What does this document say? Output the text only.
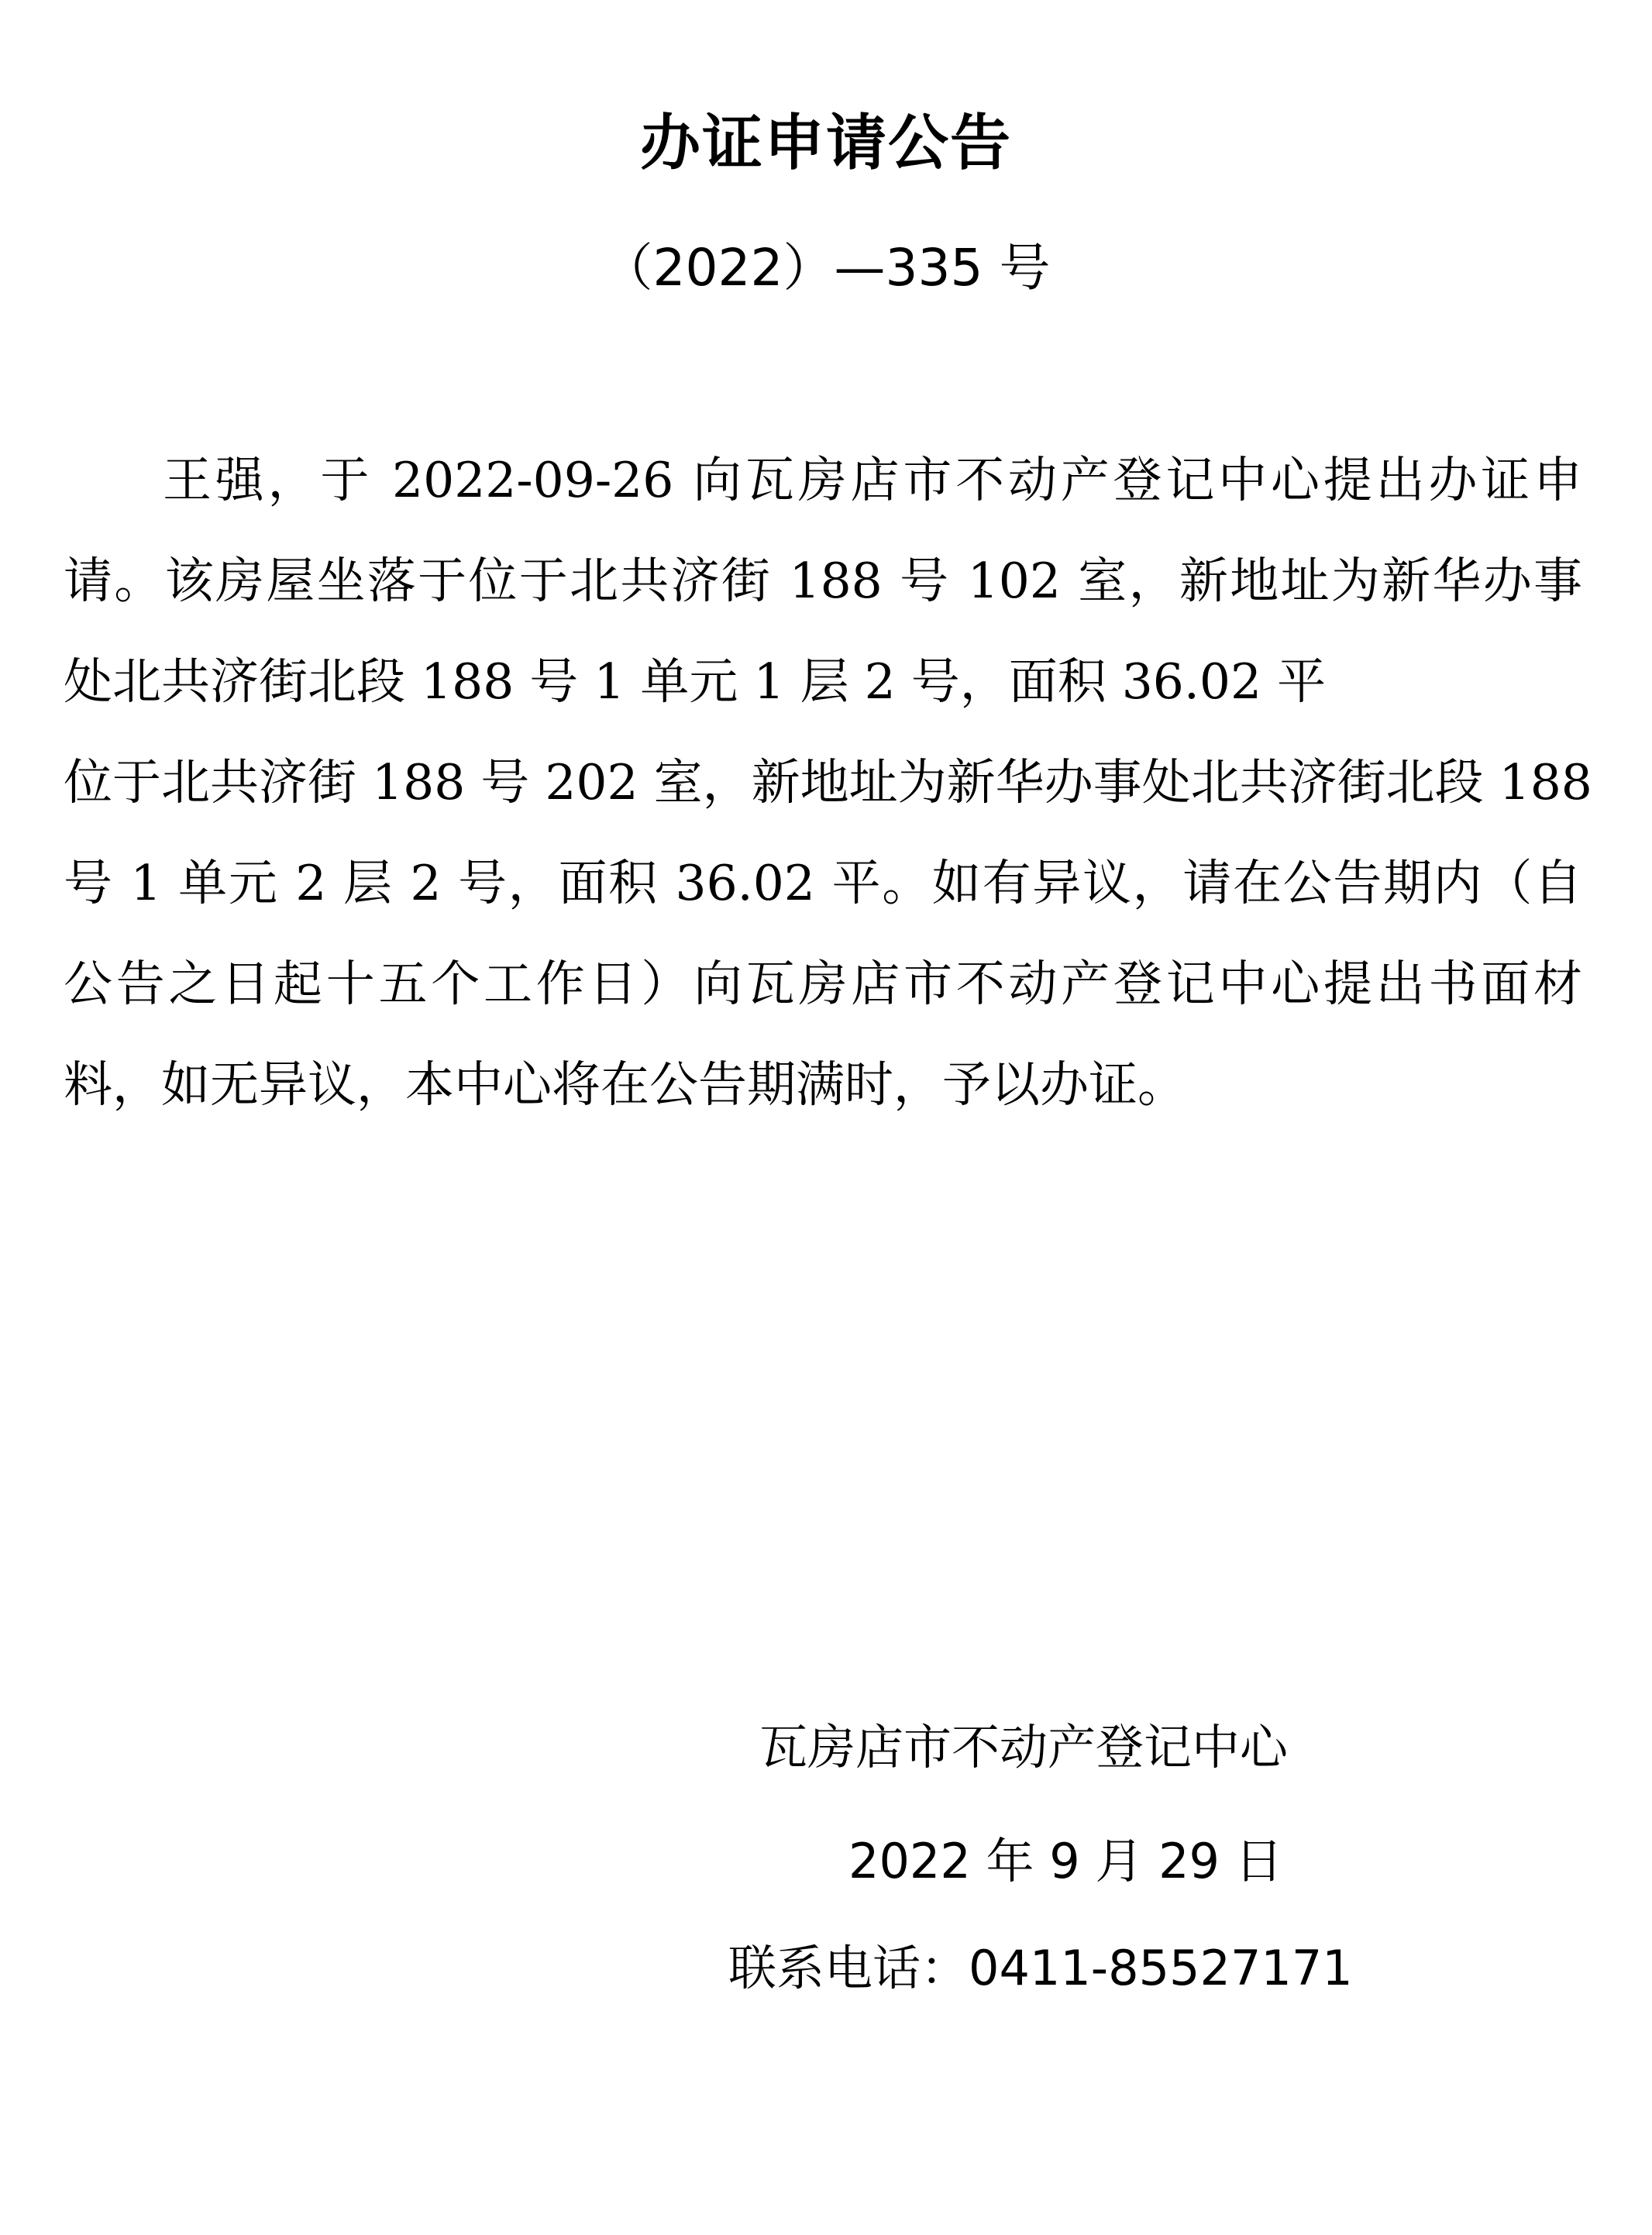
办证申请公告
（2022）—335 号
王强，于 2022-09-26 向瓦房店市不动产登记中心提出办证申
请。该房屋坐落于位于北共济街 188 号 102 室，新地址为新华办事
处北共济街北段 188 号 1 单元 1 层 2 号，面积 36.02 平
位于北共济街 188 号 202 室，新地址为新华办事处北共济街北段 188
号 1 单元 2 层 2 号，面积 36.02 平。如有异议，请在公告期内（自
公告之日起十五个工作日）向瓦房店市不动产登记中心提出书面材
料，如无异议，本中心将在公告期满时，予以办证。
瓦房店市不动产登记中心
2022 年 9 月 29 日
联系电话：0411-85527171
